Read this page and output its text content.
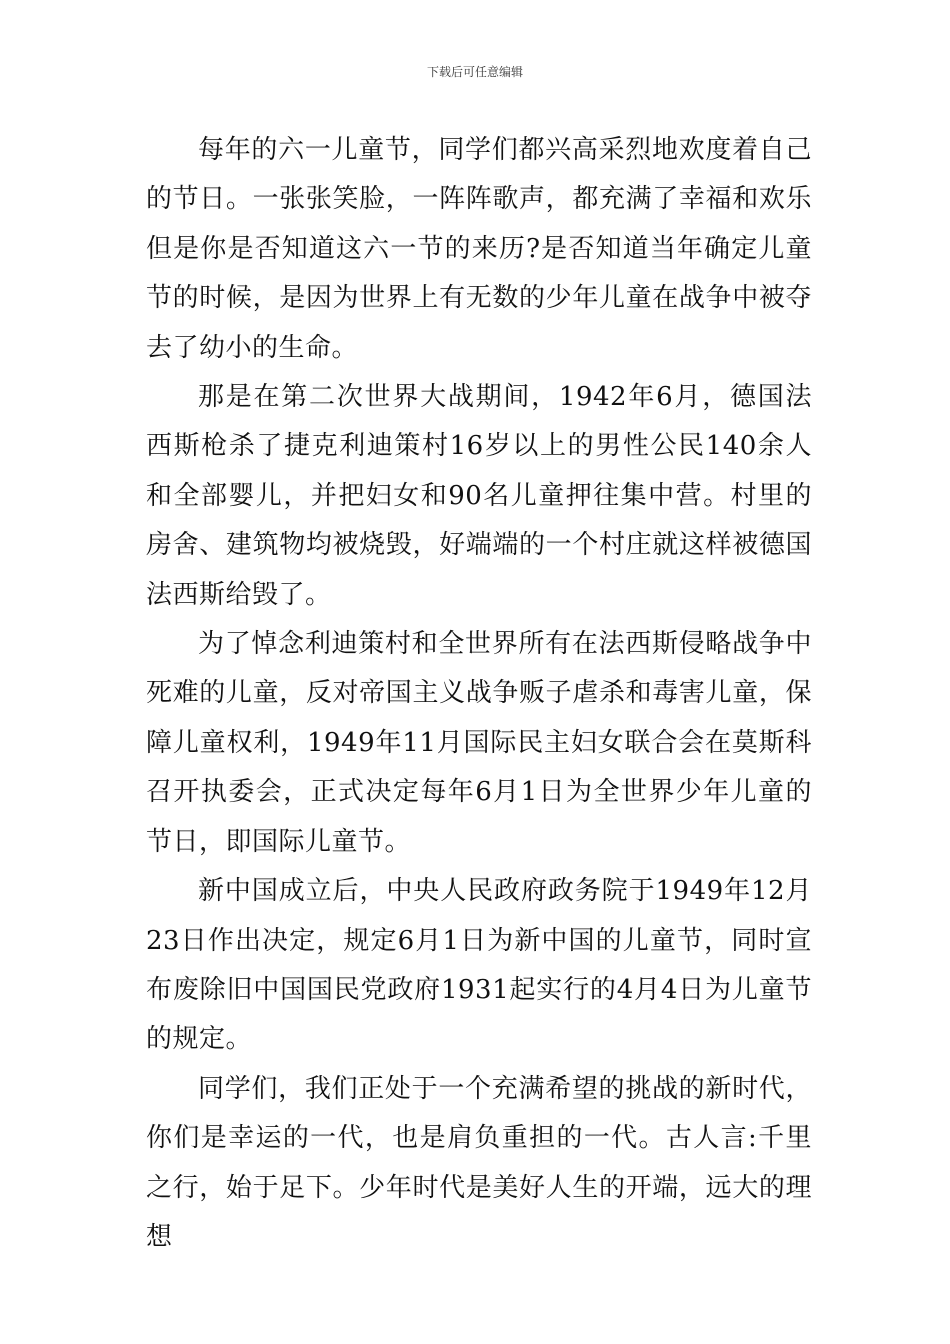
下载后可任意编辑

每年的六一儿童节，同学们都兴高采烈地欢度着自己的节日。一张张笑脸，一阵阵歌声，都充满了幸福和欢乐但是你是否知道这六一节的来历?是否知道当年确定儿童节的时候，是因为世界上有无数的少年儿童在战争中被夺去了幼小的生命。

那是在第二次世界大战期间，1942年6月，德国法西斯枪杀了捷克利迪策村16岁以上的男性公民140余人和全部婴儿，并把妇女和90名儿童押往集中营。村里的房舍、建筑物均被烧毁，好端端的一个村庄就这样被德国法西斯给毁了。

为了悼念利迪策村和全世界所有在法西斯侵略战争中死难的儿童，反对帝国主义战争贩子虐杀和毒害儿童，保障儿童权利，1949年11月国际民主妇女联合会在莫斯科召开执委会，正式决定每年6月1日为全世界少年儿童的节日，即国际儿童节。

新中国成立后，中央人民政府政务院于1949年12月23日作出决定，规定6月1日为新中国的儿童节，同时宣布废除旧中国国民党政府1931起实行的4月4日为儿童节的规定。

同学们，我们正处于一个充满希望的挑战的新时代，你们是幸运的一代，也是肩负重担的一代。古人言:千里之行，始于足下。少年时代是美好人生的开端，远大的理想
